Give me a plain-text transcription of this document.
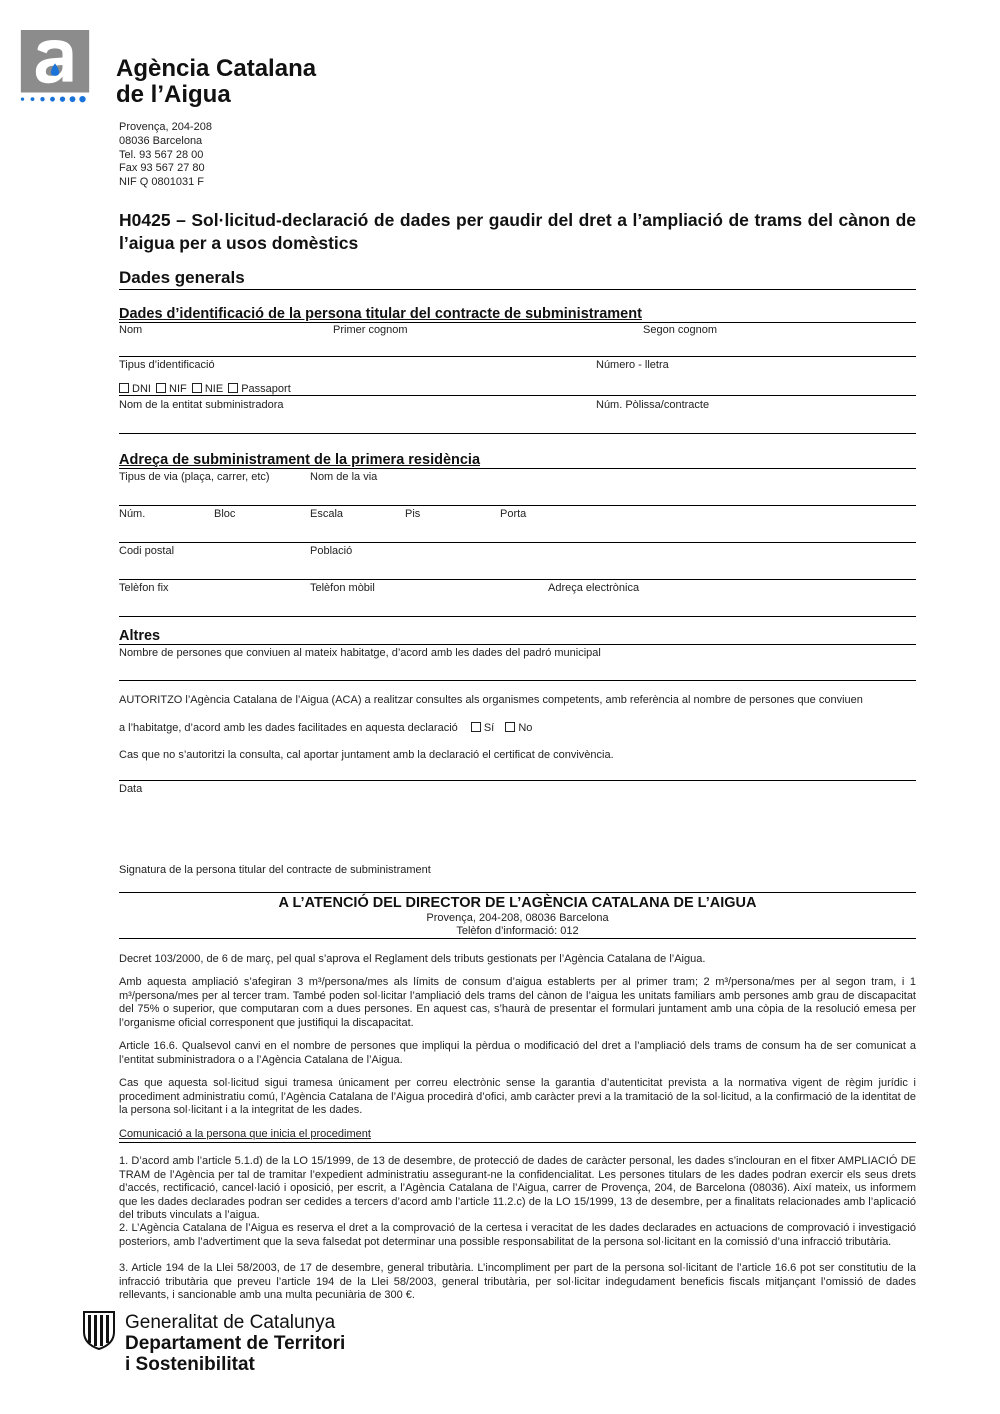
Agència Catalana
de l’Aigua
Provença, 204-208
08036 Barcelona
Tel. 93 567 28 00
Fax 93 567 27 80
NIF Q 0801031 F
H0425 – Sol·licitud-declaració de dades per gaudir del dret a l’ampliació de trams del cànon de l’aigua per a usos domèstics
Dades generals
Dades d’identificació de la persona titular del contracte de subministrament
Nom	Primer cognom	Segon cognom
Tipus d’identificació	Número - lletra
DNI NIF NIE Passaport
Nom de la entitat subministradora	Núm. Pòlissa/contracte
Adreça de subministrament de la primera residència
Tipus de via (plaça, carrer, etc)	Nom de la via
Núm.	Bloc	Escala	Pis	Porta
Codi postal	Població
Telèfon fix	Telèfon mòbil	Adreça electrònica
Altres
Nombre de persones que conviuen al mateix habitatge, d’acord amb les dades del padró municipal
AUTORITZO l’Agència Catalana de l’Aigua (ACA) a realitzar consultes als organismes competents, amb referència al nombre de persones que conviuen
a l’habitatge, d’acord amb les dades facilitades en aquesta declaració Sí No
Cas que no s’autoritzi la consulta, cal aportar juntament amb la declaració el certificat de convivència.
Data
Signatura de la persona titular del contracte de subministrament
A L’ATENCIÓ DEL DIRECTOR DE L’AGÈNCIA CATALANA DE L’AIGUA
Provença, 204-208, 08036 Barcelona
Telèfon d’informació: 012
Decret 103/2000, de 6 de març, pel qual s’aprova el Reglament dels tributs gestionats per l’Agència Catalana de l’Aigua.
Amb aquesta ampliació s’afegiran 3 m³/persona/mes als límits de consum d’aigua establerts per al primer tram; 2 m³/persona/mes per al segon tram, i 1 m³/persona/mes per al tercer tram. També poden sol·licitar l’ampliació dels trams del cànon de l’aigua les unitats familiars amb persones amb grau de discapacitat del 75% o superior, que computaran com a dues persones. En aquest cas, s’haurà de presentar el formulari juntament amb una còpia de la resolució emesa per l’organisme oficial corresponent que justifiqui la discapacitat.
Article 16.6. Qualsevol canvi en el nombre de persones que impliqui la pèrdua o modificació del dret a l’ampliació dels trams de consum ha de ser comunicat a l’entitat subministradora o a l’Agència Catalana de l’Aigua.
Cas que aquesta sol·licitud sigui tramesa únicament per correu electrònic sense la garantia d’autenticitat prevista a la normativa vigent de règim jurídic i procediment administratiu comú, l’Agència Catalana de l’Aigua procedirà d’ofici, amb caràcter previ a la tramitació de la sol·licitud, a la confirmació de la identitat de la persona sol·licitant i a la integritat de les dades.
Comunicació a la persona que inicia el procediment
1. D’acord amb l’article 5.1.d) de la LO 15/1999, de 13 de desembre, de protecció de dades de caràcter personal, les dades s’inclouran en el fitxer AMPLIACIÓ DE TRAM de l’Agència per tal de tramitar l’expedient administratiu assegurant-ne la confidencialitat. Les persones titulars de les dades podran exercir els seus drets d’accés, rectificació, cancel·lació i oposició, per escrit, a l’Agència Catalana de l’Aigua, carrer de Provença, 204, de Barcelona (08036). Així mateix, us informem que les dades declarades podran ser cedides a tercers d’acord amb l’article 11.2.c) de la LO 15/1999, 13 de desembre, per a finalitats relacionades amb l’aplicació del tributs vinculats a l’aigua.
2. L’Agència Catalana de l’Aigua es reserva el dret a la comprovació de la certesa i veracitat de les dades declarades en actuacions de comprovació i investigació posteriors, amb l’advertiment que la seva falsedat pot determinar una possible responsabilitat de la persona sol·licitant en la comissió d’una infracció tributària.
3. Article 194 de la Llei 58/2003, de 17 de desembre, general tributària. L’incompliment per part de la persona sol·licitant de l’article 16.6 pot ser constitutiu de la infracció tributària que preveu l’article 194 de la Llei 58/2003, general tributària, per sol·licitar indegudament beneficis fiscals mitjançant l’omissió de dades rellevants, i sancionable amb una multa pecuniària de 300 €.
Generalitat de Catalunya
Departament de Territori
i Sostenibilitat
